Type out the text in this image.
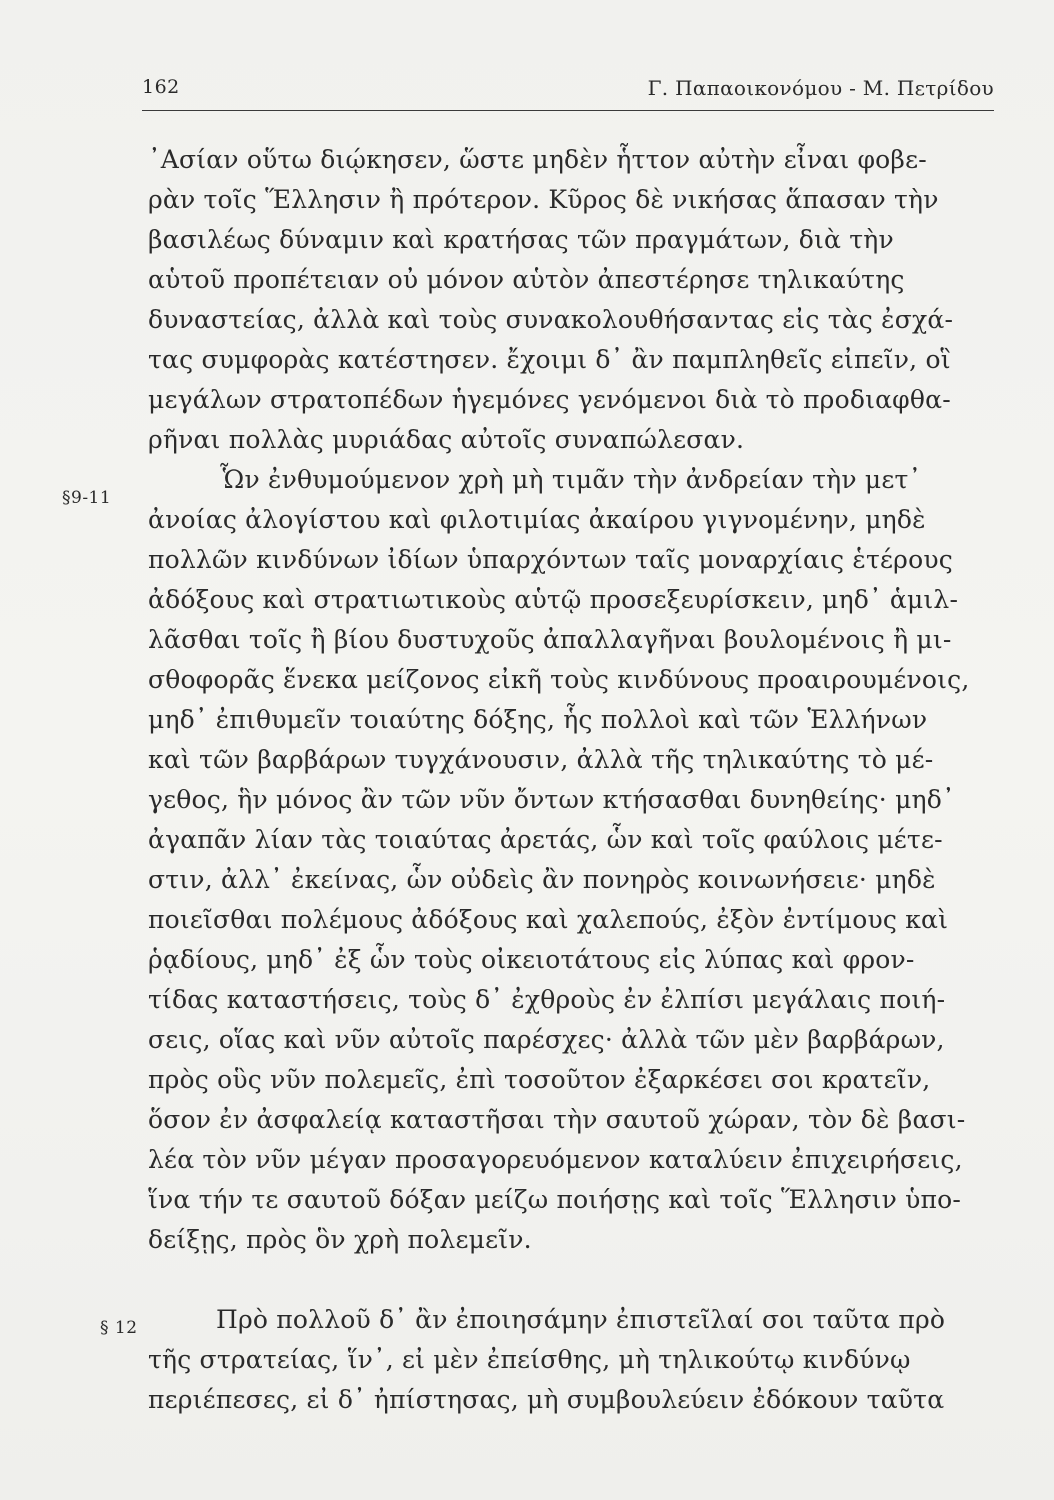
162	Γ. Παπαοικονόμου - Μ. Πετρίδου
§9-11
§ 12
᾽Ασίαν οὕτω διῴκησεν, ὥστε μηδὲν ἧττον αὐτὴν εἶναι φοβε-
ρὰν τοῖς Ἕλλησιν ἢ πρότερον. Κῦρος δὲ νικήσας ἅπασαν τὴν
βασιλέως δύναμιν καὶ κρατήσας τῶν πραγμάτων, διὰ τὴν
αὑτοῦ προπέτειαν οὐ μόνον αὑτὸν ἀπεστέρησε τηλικαύτης
δυναστείας, ἀλλὰ καὶ τοὺς συνακολουθήσαντας εἰς τὰς ἐσχά-
τας συμφορὰς κατέστησεν. ἔχοιμι δ᾽ ἂν παμπληθεῖς εἰπεῖν, οἳ
μεγάλων στρατοπέδων ἡγεμόνες γενόμενοι διὰ τὸ προδιαφθα-
ρῆναι πολλὰς μυριάδας αὐτοῖς συναπώλεσαν.
Ὧν ἐνθυμούμενον χρὴ μὴ τιμᾶν τὴν ἀνδρείαν τὴν μετ᾽
ἀνοίας ἀλογίστου καὶ φιλοτιμίας ἀκαίρου γιγνομένην, μηδὲ
πολλῶν κινδύνων ἰδίων ὑπαρχόντων ταῖς μοναρχίαις ἑτέρους
ἀδόξους καὶ στρατιωτικοὺς αὑτῷ προσεξευρίσκειν, μηδ᾽ ἁμιλ-
λᾶσθαι τοῖς ἢ βίου δυστυχοῦς ἀπαλλαγῆναι βουλομένοις ἢ μι-
σθοφορᾶς ἕνεκα μείζονος εἰκῆ τοὺς κινδύνους προαιρουμένοις,
μηδ᾽ ἐπιθυμεῖν τοιαύτης δόξης, ἧς πολλοὶ καὶ τῶν Ἑλλήνων
καὶ τῶν βαρβάρων τυγχάνουσιν, ἀλλὰ τῆς τηλικαύτης τὸ μέ-
γεθος, ἣν μόνος ἂν τῶν νῦν ὄντων κτήσασθαι δυνηθείης· μηδ᾽
ἀγαπᾶν λίαν τὰς τοιαύτας ἀρετάς, ὧν καὶ τοῖς φαύλοις μέτε-
στιν, ἀλλ᾽ ἐκείνας, ὧν οὐδεὶς ἂν πονηρὸς κοινωνήσειε· μηδὲ
ποιεῖσθαι πολέμους ἀδόξους καὶ χαλεπούς, ἐξὸν ἐντίμους καὶ
ῥᾳδίους, μηδ᾽ ἐξ ὧν τοὺς οἰκειοτάτους εἰς λύπας καὶ φρον-
τίδας καταστήσεις, τοὺς δ᾽ ἐχθροὺς ἐν ἐλπίσι μεγάλαις ποιή-
σεις, οἵας καὶ νῦν αὐτοῖς παρέσχες· ἀλλὰ τῶν μὲν βαρβάρων,
πρὸς οὓς νῦν πολεμεῖς, ἐπὶ τοσοῦτον ἐξαρκέσει σοι κρατεῖν,
ὅσον ἐν ἀσφαλείᾳ καταστῆσαι τὴν σαυτοῦ χώραν, τὸν δὲ βασι-
λέα τὸν νῦν μέγαν προσαγορευόμενον καταλύειν ἐπιχειρήσεις,
ἵνα τήν τε σαυτοῦ δόξαν μείζω ποιήσῃς καὶ τοῖς Ἕλλησιν ὑπο-
δείξῃς, πρὸς ὃν χρὴ πολεμεῖν.
Πρὸ πολλοῦ δ᾽ ἂν ἐποιησάμην ἐπιστεῖλαί σοι ταῦτα πρὸ
τῆς στρατείας, ἵν᾽, εἰ μὲν ἐπείσθης, μὴ τηλικούτῳ κινδύνῳ
περιέπεσες, εἰ δ᾽ ἠπίστησας, μὴ συμβουλεύειν ἐδόκουν ταῦτα
